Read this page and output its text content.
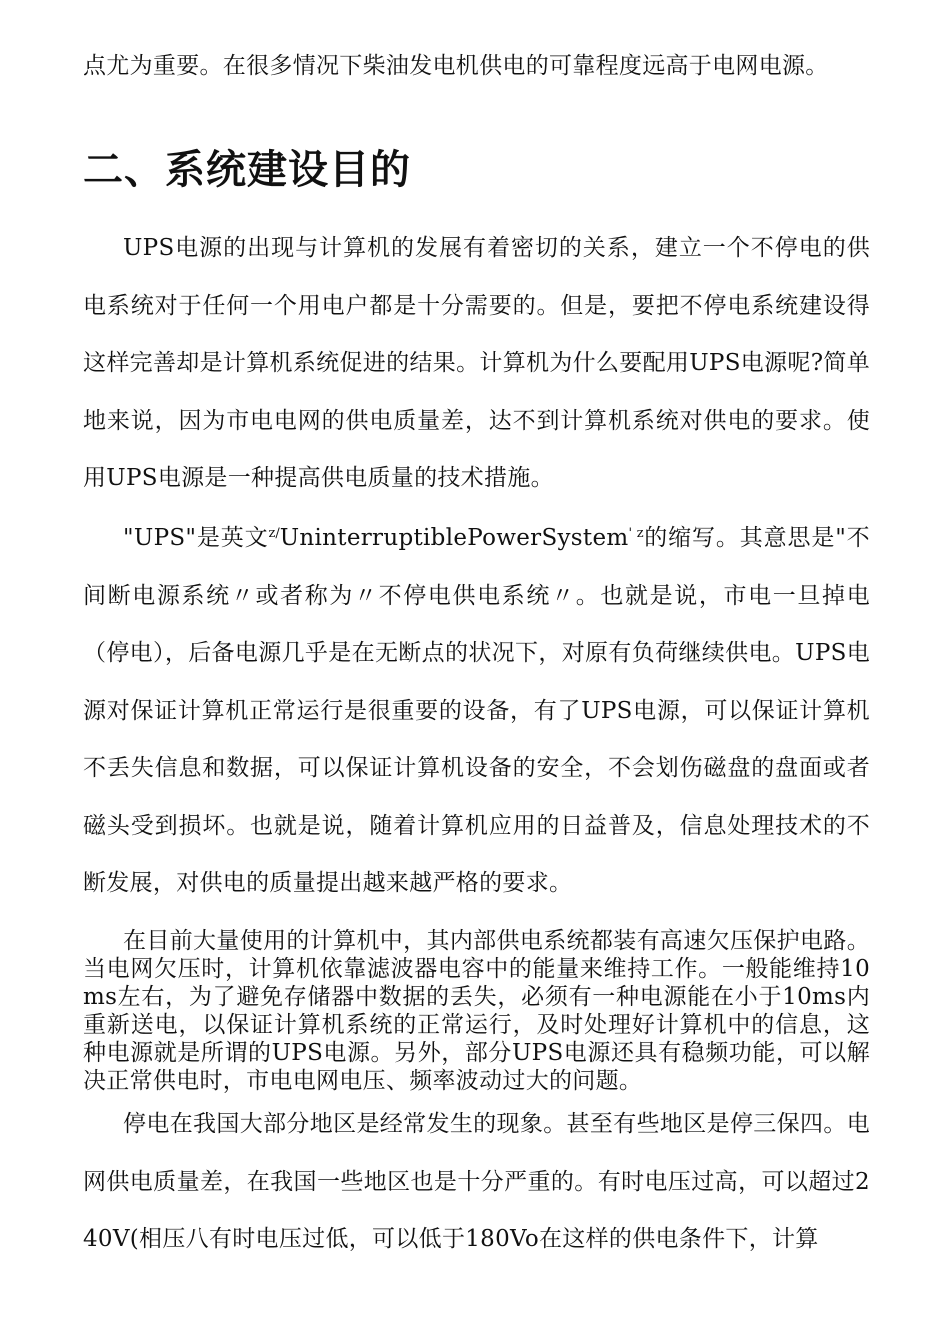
点尤为重要。在很多情况下柴油发电机供电的可靠程度远高于电网电源。

二、系统建设目的

UPS电源的出现与计算机的发展有着密切的关系，建立一个不停电的供电系统对于任何一个用电户都是十分需要的。但是，要把不停电系统建设得这样完善却是计算机系统促进的结果。计算机为什么要配用UPS电源呢?简单地来说，因为市电电网的供电质量差，达不到计算机系统对供电的要求。使用UPS电源是一种提高供电质量的技术措施。

"UPS"是英文$^{z/}$UninterruptiblePowerSystem$^{' z}$的缩写。其意思是"不间断电源系统〃或者称为〃不停电供电系统〃。也就是说，市电一旦掉电（停电），后备电源几乎是在无断点的状况下，对原有负荷继续供电。UPS电源对保证计算机正常运行是很重要的设备，有了UPS电源，可以保证计算机不丢失信息和数据，可以保证计算机设备的安全，不会划伤磁盘的盘面或者磁头受到损坏。也就是说，随着计算机应用的日益普及，信息处理技术的不断发展，对供电的质量提出越来越严格的要求。

在目前大量使用的计算机中，其内部供电系统都装有高速欠压保护电路。当电网欠压时，计算机依靠滤波器电容中的能量来维持工作。一般能维持10ms左右，为了避免存储器中数据的丢失，必须有一种电源能在小于10ms内重新送电，以保证计算机系统的正常运行，及时处理好计算机中的信息，这种电源就是所谓的UPS电源。另外，部分UPS电源还具有稳频功能，可以解决正常供电时，市电电网电压、频率波动过大的问题。

停电在我国大部分地区是经常发生的现象。甚至有些地区是停三保四。电网供电质量差，在我国一些地区也是十分严重的。有时电压过高，可以超过240V(相压八有时电压过低，可以低于180Vo在这样的供电条件下，计算
